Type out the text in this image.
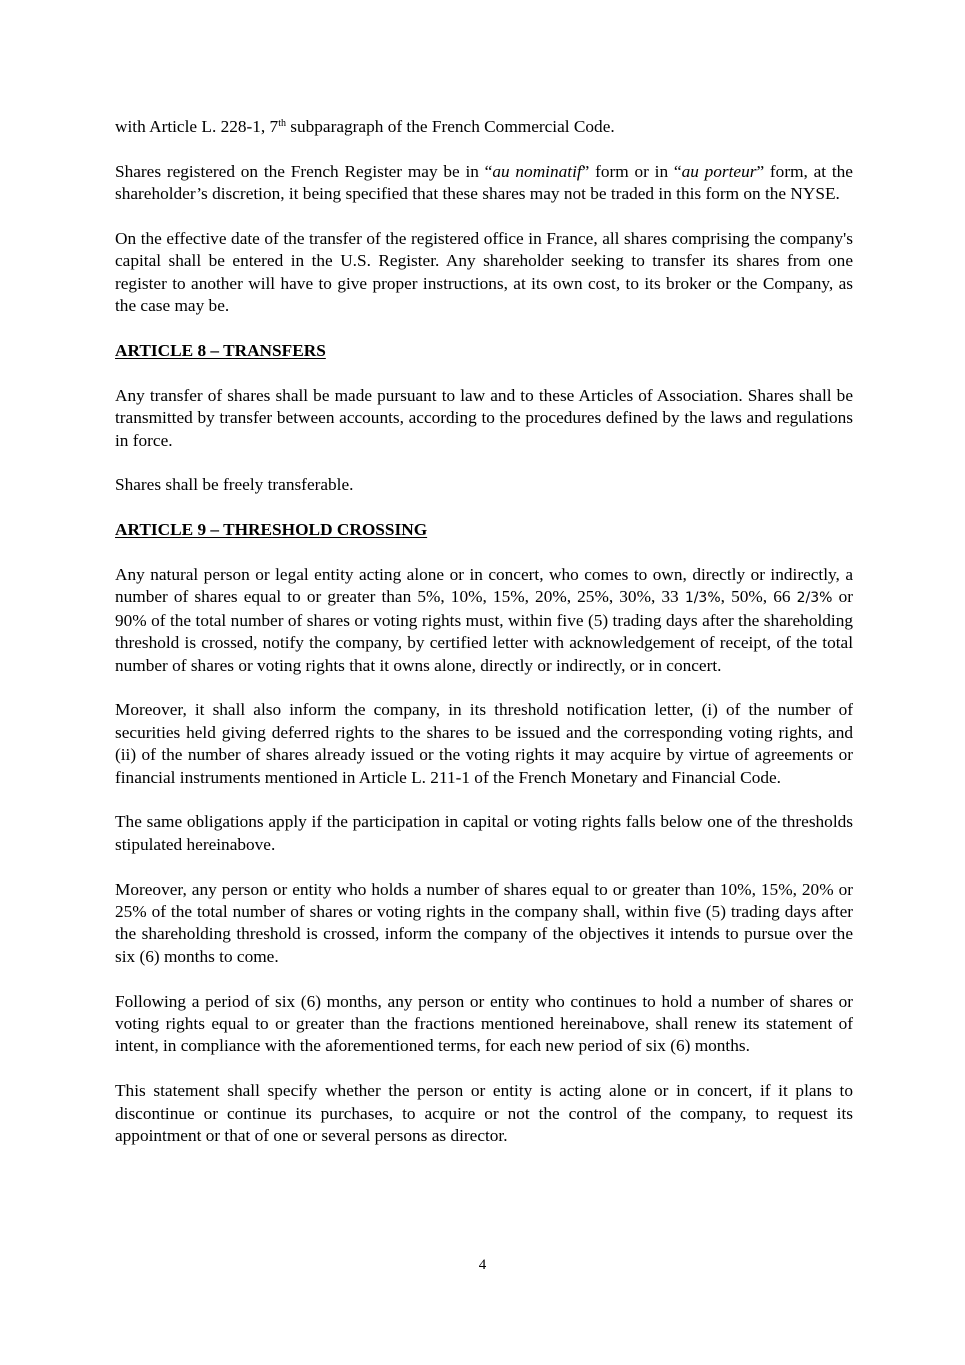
with Article L. 228-1, 7th subparagraph of the French Commercial Code.

Shares registered on the French Register may be in “au nominatif” form or in “au porteur” form, at the shareholder’s discretion, it being specified that these shares may not be traded in this form on the NYSE.

On the effective date of the transfer of the registered office in France, all shares comprising the company's capital shall be entered in the U.S. Register. Any shareholder seeking to transfer its shares from one register to another will have to give proper instructions, at its own cost, to its broker or the Company, as the case may be.

ARTICLE 8 – TRANSFERS

Any transfer of shares shall be made pursuant to law and to these Articles of Association. Shares shall be transmitted by transfer between accounts, according to the procedures defined by the laws and regulations in force.

Shares shall be freely transferable.

ARTICLE 9 – THRESHOLD CROSSING

Any natural person or legal entity acting alone or in concert, who comes to own, directly or indirectly, a number of shares equal to or greater than 5%, 10%, 15%, 20%, 25%, 30%, 33 1/3%, 50%, 66 2/3% or 90% of the total number of shares or voting rights must, within five (5) trading days after the shareholding threshold is crossed, notify the company, by certified letter with acknowledgement of receipt, of the total number of shares or voting rights that it owns alone, directly or indirectly, or in concert.

Moreover, it shall also inform the company, in its threshold notification letter, (i) of the number of securities held giving deferred rights to the shares to be issued and the corresponding voting rights, and (ii) of the number of shares already issued or the voting rights it may acquire by virtue of agreements or financial instruments mentioned in Article L. 211-1 of the French Monetary and Financial Code.

The same obligations apply if the participation in capital or voting rights falls below one of the thresholds stipulated hereinabove.

Moreover, any person or entity who holds a number of shares equal to or greater than 10%, 15%, 20% or 25% of the total number of shares or voting rights in the company shall, within five (5) trading days after the shareholding threshold is crossed, inform the company of the objectives it intends to pursue over the six (6) months to come.

Following a period of six (6) months, any person or entity who continues to hold a number of shares or voting rights equal to or greater than the fractions mentioned hereinabove, shall renew its statement of intent, in compliance with the aforementioned terms, for each new period of six (6) months.

This statement shall specify whether the person or entity is acting alone or in concert, if it plans to discontinue or continue its purchases, to acquire or not the control of the company, to request its appointment or that of one or several persons as director.

4
